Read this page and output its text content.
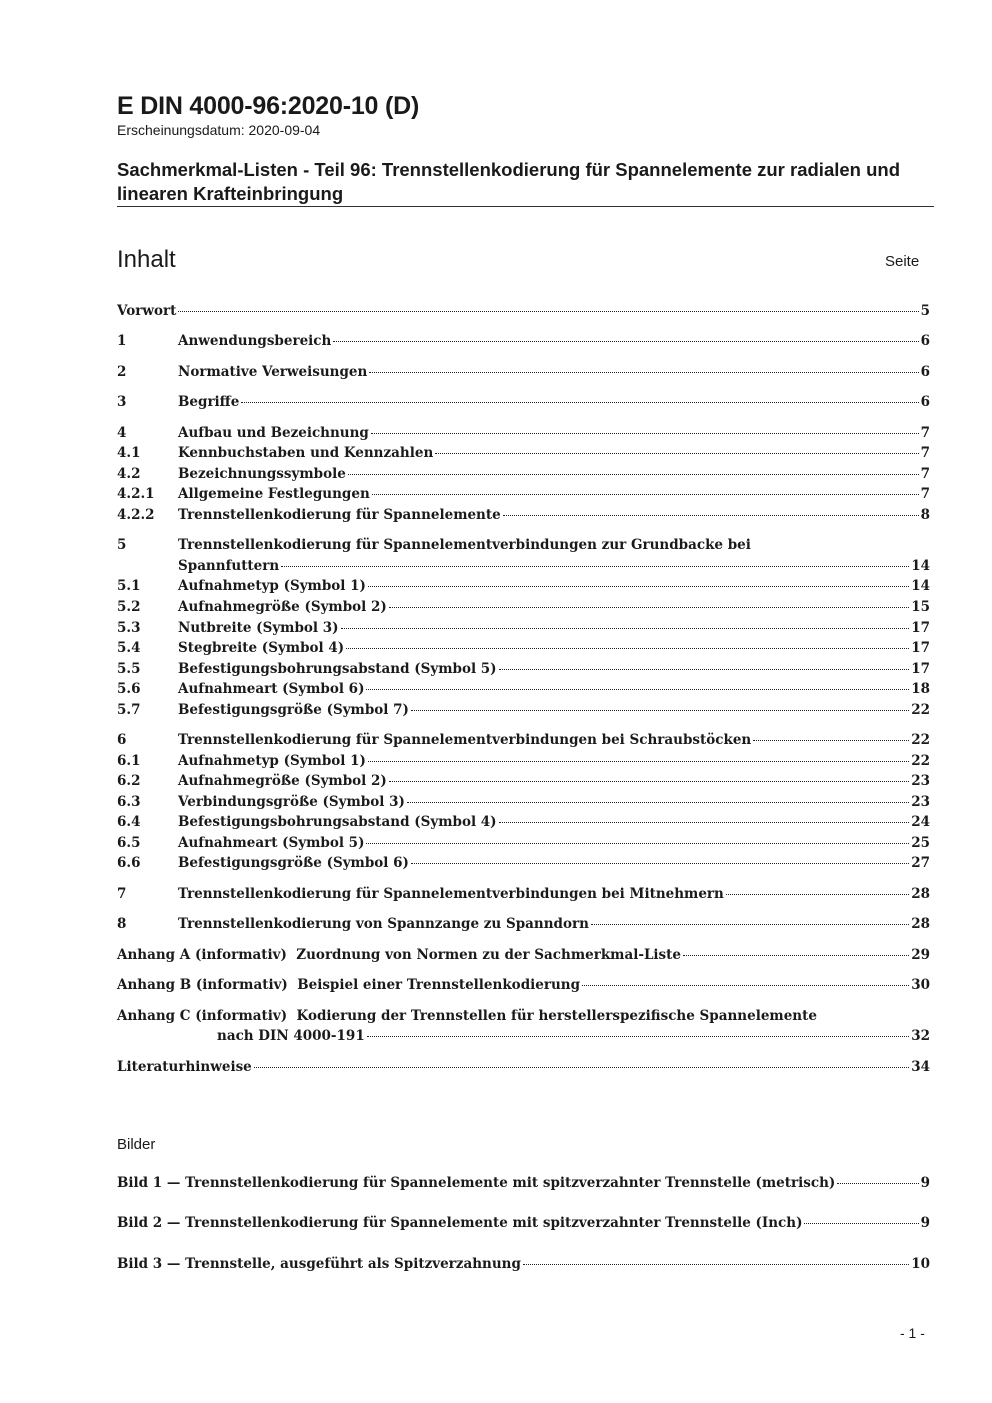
E DIN 4000-96:2020-10 (D)
Erscheinungsdatum: 2020-09-04
Sachmerkmal-Listen - Teil 96: Trennstellenkodierung für Spannelemente zur radialen und linearen Krafteinbringung
Inhalt	Seite
Vorwort	5
1	Anwendungsbereich	6
2	Normative Verweisungen	6
3	Begriffe	6
4	Aufbau und Bezeichnung	7
4.1	Kennbuchstaben und Kennzahlen	7
4.2	Bezeichnungssymbole	7
4.2.1 Allgemeine Festlegungen	7
4.2.2 Trennstellenkodierung für Spannelemente	8
5	Trennstellenkodierung für Spannelementverbindungen zur Grundbacke bei
Spannfuttern	14
5.1	Aufnahmetyp (Symbol 1)	14
5.2	Aufnahmegröße (Symbol 2)	15
5.3	Nutbreite (Symbol 3)	17
5.4	Stegbreite (Symbol 4)	17
5.5	Befestigungsbohrungsabstand (Symbol 5)	17
5.6	Aufnahmeart (Symbol 6)	18
5.7	Befestigungsgröße (Symbol 7)	22
6	Trennstellenkodierung für Spannelementverbindungen bei Schraubstöcken	22
6.1	Aufnahmetyp (Symbol 1)	22
6.2	Aufnahmegröße (Symbol 2)	23
6.3	Verbindungsgröße (Symbol 3)	23
6.4	Befestigungsbohrungsabstand (Symbol 4)	24
6.5	Aufnahmeart (Symbol 5)	25
6.6	Befestigungsgröße (Symbol 6)	27
7	Trennstellenkodierung für Spannelementverbindungen bei Mitnehmern	28
8	Trennstellenkodierung von Spannzange zu Spanndorn	28
Anhang A (informativ)  Zuordnung von Normen zu der Sachmerkmal-Liste	29
Anhang B (informativ)  Beispiel einer Trennstellenkodierung	30
Anhang C (informativ)  Kodierung der Trennstellen für herstellerspezifische Spannelemente
nach DIN 4000-191	32
Literaturhinweise	34
Bilder
Bild 1 — Trennstellenkodierung für Spannelemente mit spitzverzahnter Trennstelle (metrisch)	9
Bild 2 — Trennstellenkodierung für Spannelemente mit spitzverzahnter Trennstelle (Inch)	9
Bild 3 — Trennstelle, ausgeführt als Spitzverzahnung	10
- 1 -
